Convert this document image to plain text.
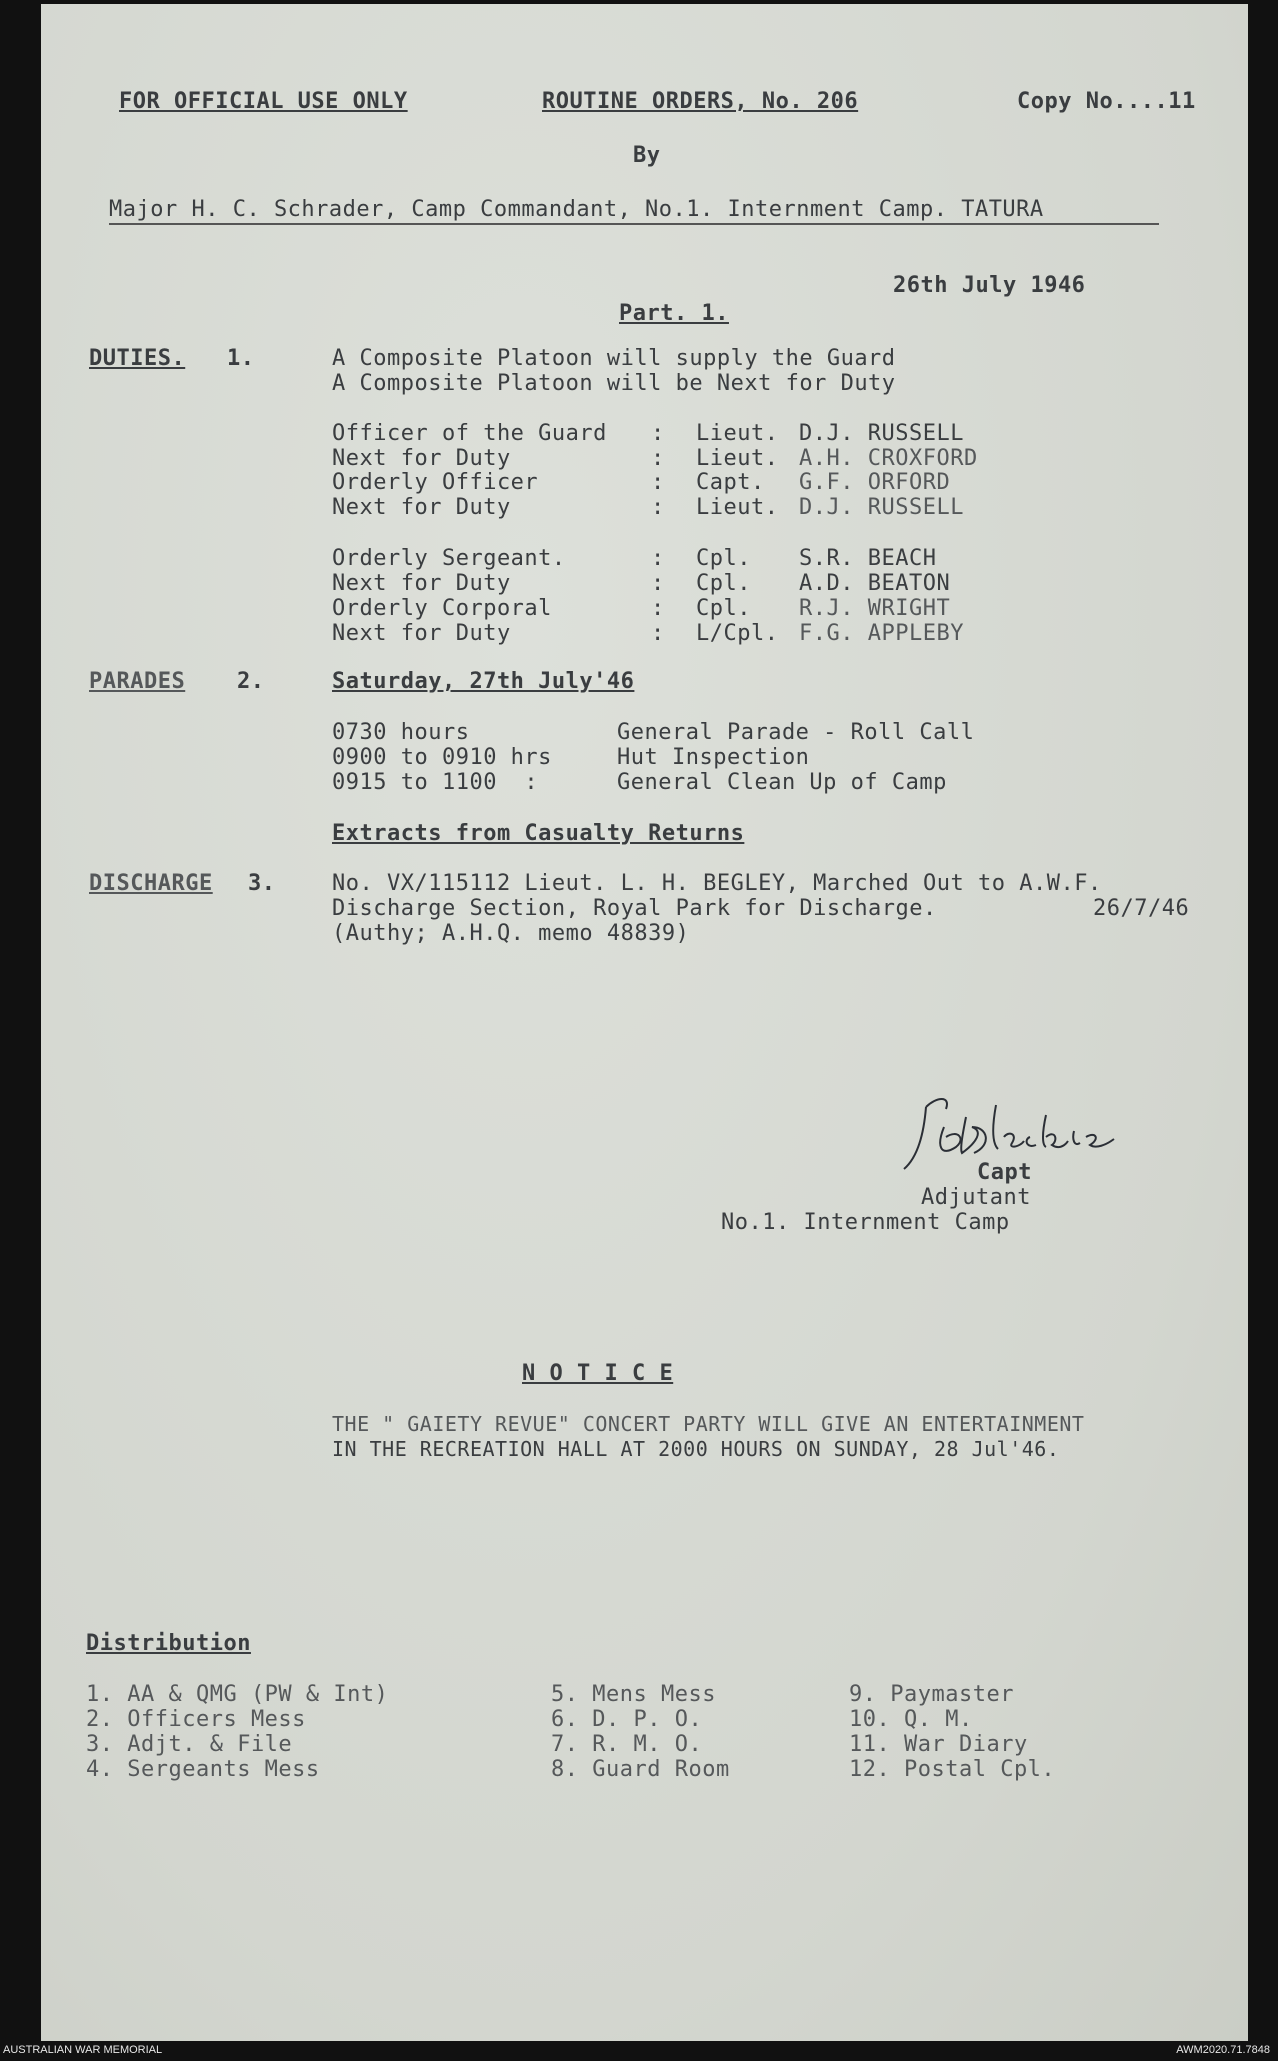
FOR OFFICIAL USE ONLY	ROUTINE ORDERS, No. 206	Copy No....11
By
Major H. C. Schrader, Camp Commandant, No.1. Internment Camp. TATURA
26th July 1946
Part. 1.
DUTIES. 1.	A Composite Platoon will supply the Guard
A Composite Platoon will be Next for Duty
Officer of the Guard : Lieut. D.J. RUSSELL
Next for Duty	: Lieut. A.H. CROXFORD
Orderly Officer	: Capt. G.F. ORFORD
Next for Duty	: Lieut. D.J. RUSSELL
Orderly Sergeant.	: Cpl. S.R. BEACH
Next for Duty	: Cpl. A.D. BEATON
Orderly Corporal	: Cpl. R.J. WRIGHT
Next for Duty	: L/Cpl. F.G. APPLEBY
PARADES 2.	Saturday, 27th July'46
0730 hours	General Parade - Roll Call
0900 to 0910 hrs	Hut Inspection
0915 to 1100  :	General Clean Up of Camp
Extracts from Casualty Returns
DISCHARGE 3.	No. VX/115112 Lieut. L. H. BEGLEY, Marched Out to A.W.F.
Discharge Section, Royal Park for Discharge.	26/7/46
(Authy; A.H.Q. memo 48839)
Capt
Adjutant
No.1. Internment Camp
N O T I C E
THE " GAIETY REVUE" CONCERT PARTY WILL GIVE AN ENTERTAINMENT
IN THE RECREATION HALL AT 2000 HOURS ON SUNDAY, 28 Jul'46.
Distribution
1. AA & QMG (PW & Int)
2. Officers Mess
3. Adjt. & File
4. Sergeants Mess
5. Mens Mess
6. D. P. O.
7. R. M. O.
8. Guard Room
9. Paymaster
10. Q. M.
11. War Diary
12. Postal Cpl.
AUSTRALIAN WAR MEMORIAL	AWM2020.71.7848
